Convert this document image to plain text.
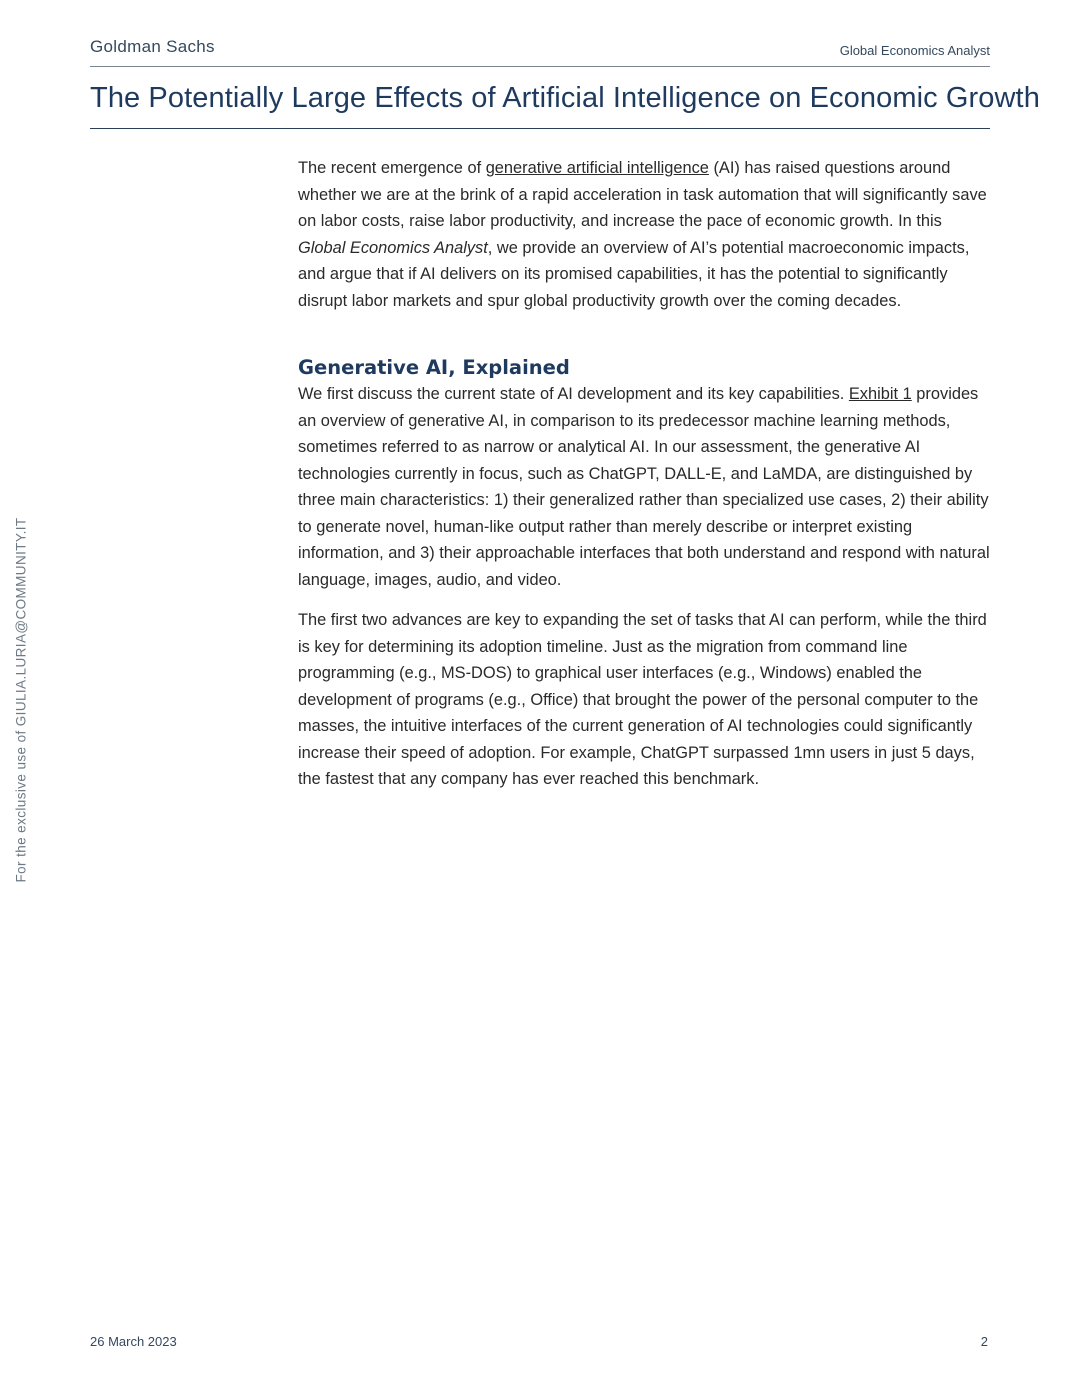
Goldman Sachs	Global Economics Analyst
The Potentially Large Effects of Artificial Intelligence on Economic Growth

The recent emergence of generative artificial intelligence (AI) has raised questions around whether we are at the brink of a rapid acceleration in task automation that will significantly save on labor costs, raise labor productivity, and increase the pace of economic growth. In this Global Economics Analyst, we provide an overview of AI’s potential macroeconomic impacts, and argue that if AI delivers on its promised capabilities, it has the potential to significantly disrupt labor markets and spur global productivity growth over the coming decades.

Generative AI, Explained

We first discuss the current state of AI development and its key capabilities. Exhibit 1 provides an overview of generative AI, in comparison to its predecessor machine learning methods, sometimes referred to as narrow or analytical AI. In our assessment, the generative AI technologies currently in focus, such as ChatGPT, DALL-E, and LaMDA, are distinguished by three main characteristics: 1) their generalized rather than specialized use cases, 2) their ability to generate novel, human-like output rather than merely describe or interpret existing information, and 3) their approachable interfaces that both understand and respond with natural language, images, audio, and video.

The first two advances are key to expanding the set of tasks that AI can perform, while the third is key for determining its adoption timeline. Just as the migration from command line programming (e.g., MS-DOS) to graphical user interfaces (e.g., Windows) enabled the development of programs (e.g., Office) that brought the power of the personal computer to the masses, the intuitive interfaces of the current generation of AI technologies could significantly increase their speed of adoption. For example, ChatGPT surpassed 1mn users in just 5 days, the fastest that any company has ever reached this benchmark.

For the exclusive use of GIULIA.LURIA@COMMUNITY.IT
26 March 2023	2
